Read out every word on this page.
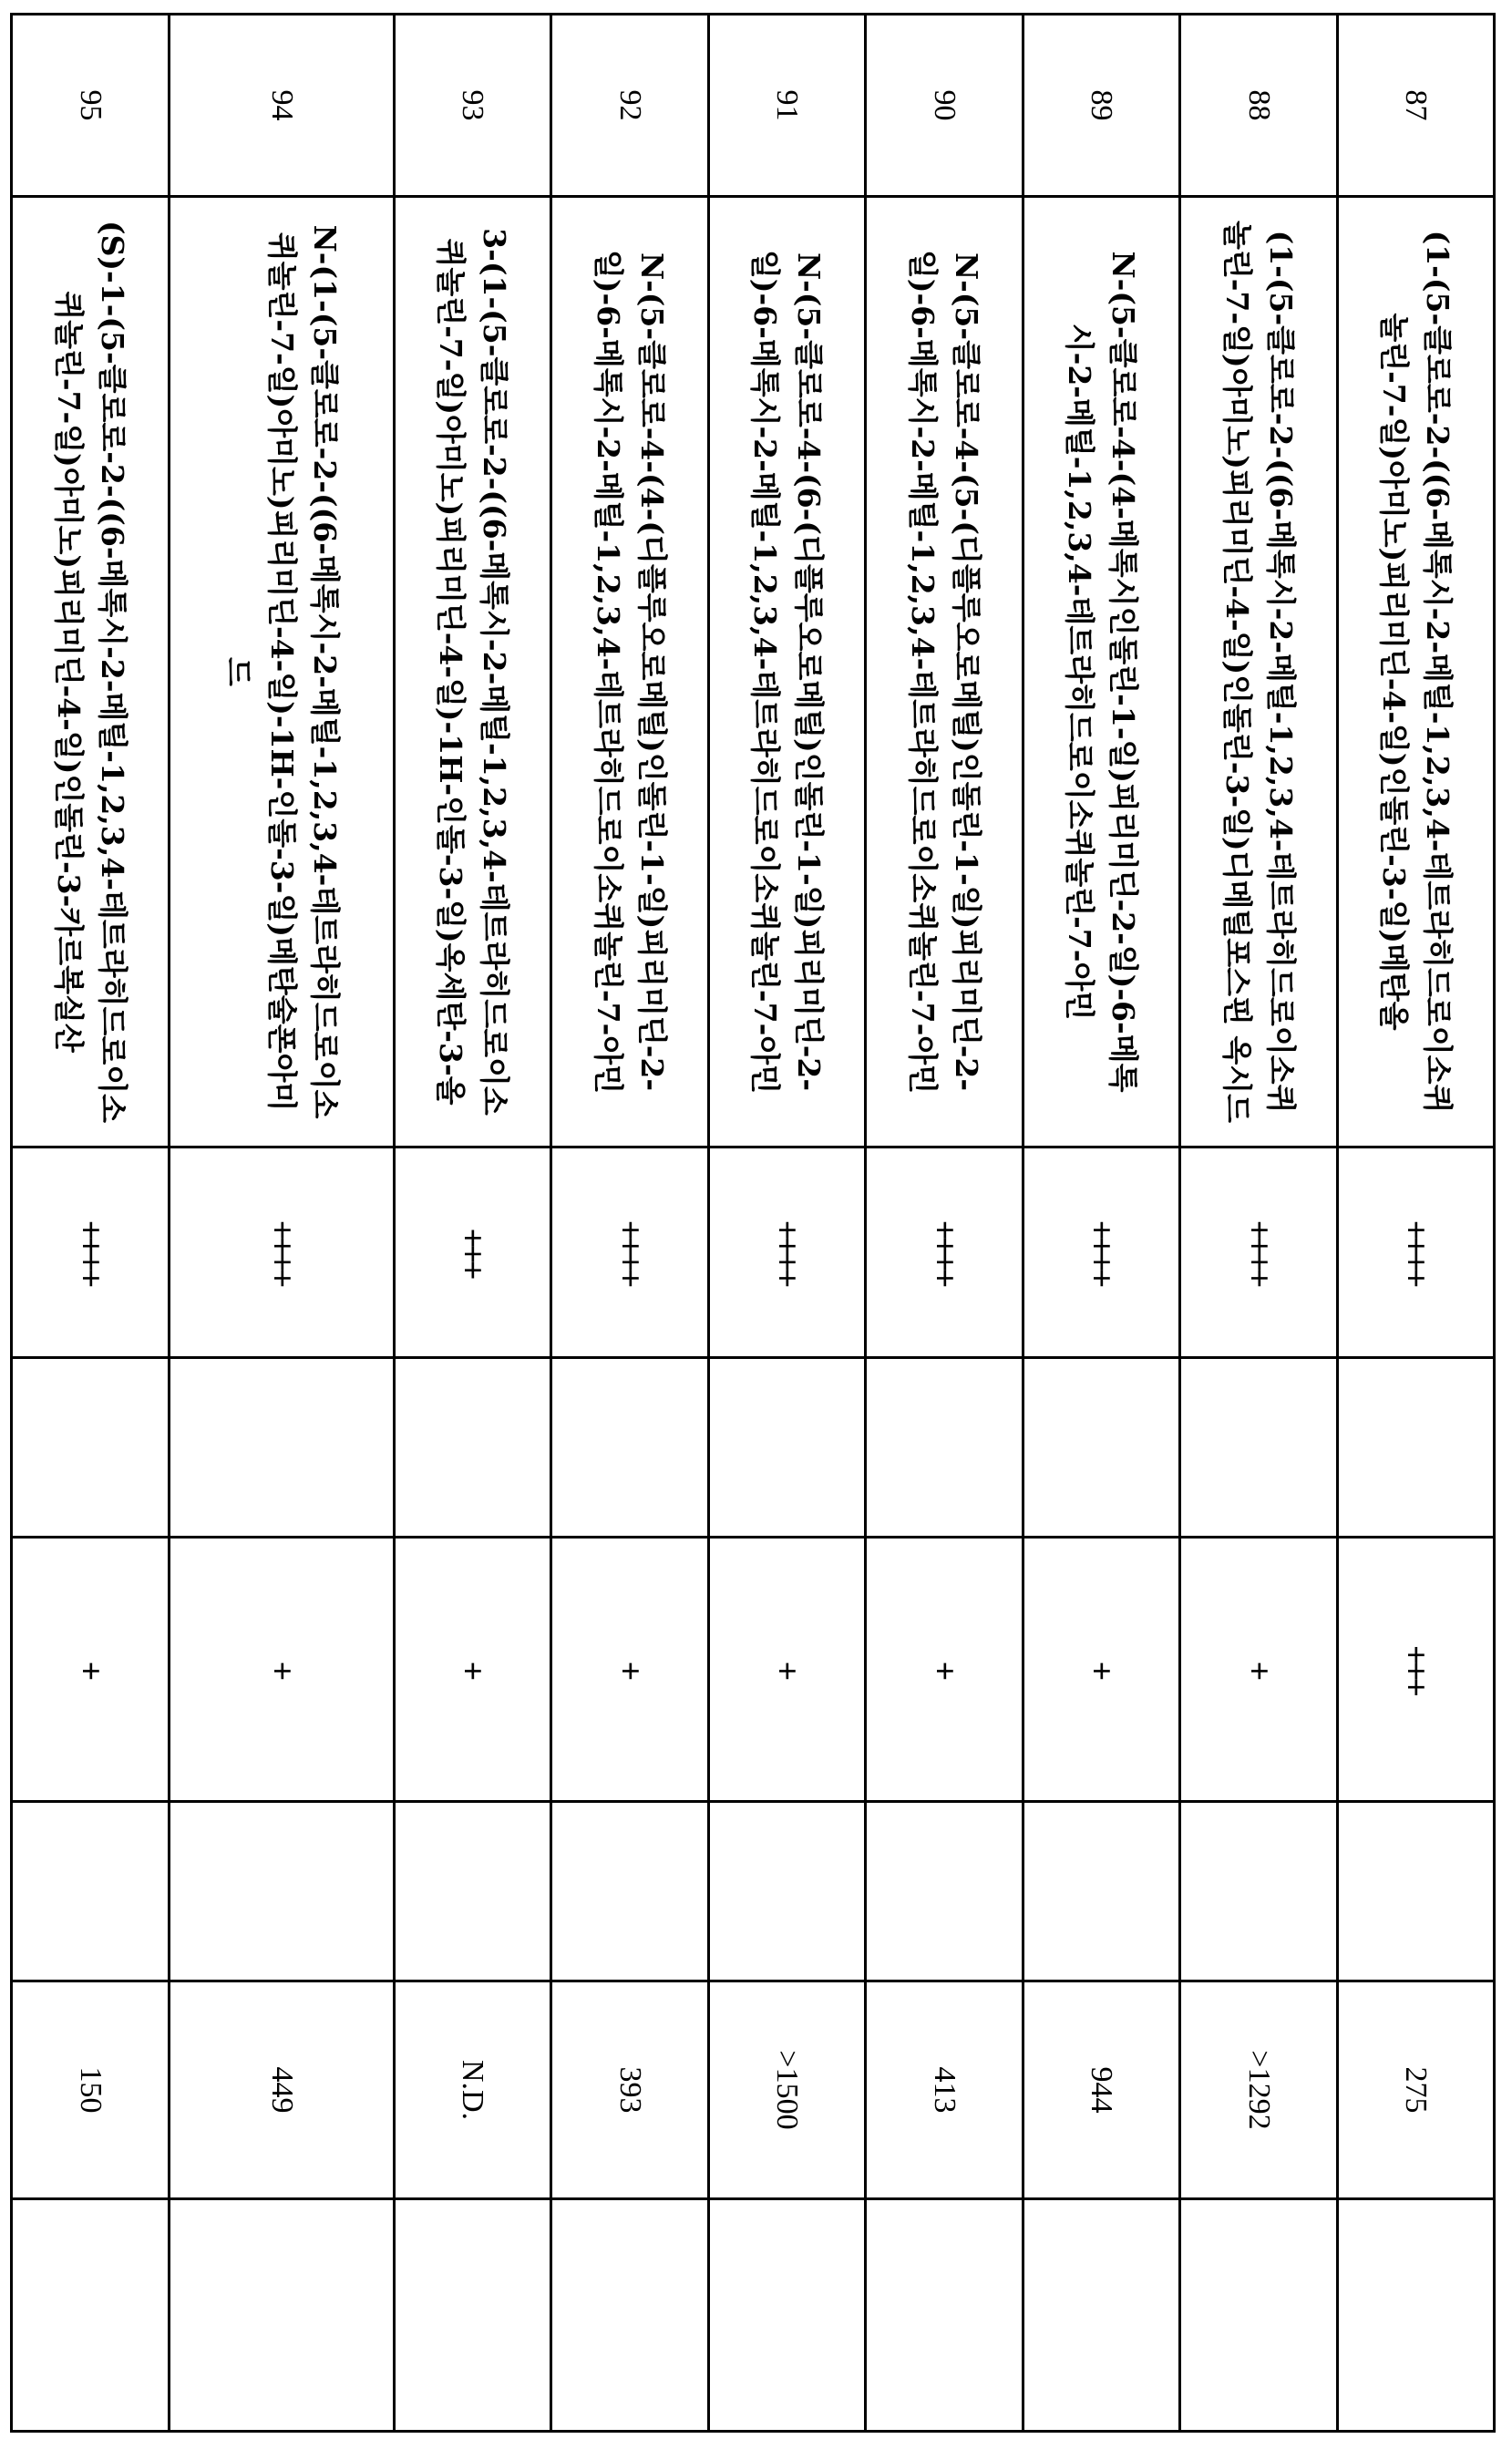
87	(1-(5-클로로-2-((6-메톡시-2-메틸-1,2,3,4-테트라히드로이소퀴놀린-7-일)아미노)피리미딘-4-일)인돌린-3-일)메탄올	++++		+++		275	
88	(1-(5-클로로-2-((6-메톡시-2-메틸-1,2,3,4-테트라히드로이소퀴놀린-7-일)아미노)피리미딘-4-일)인돌린-3-일)디메틸포스핀 옥시드	++++		+		>1292	
89	N-(5-클로로-4-(4-메톡시인돌린-1-일)피리미딘-2-일)-6-메톡시-2-메틸-1,2,3,4-테트라히드로이소퀴놀린-7-아민	++++		+		944	
90	N-(5-클로로-4-(5-(디플루오로메틸)인돌린-1-일)피리미딘-2-일)-6-메톡시-2-메틸-1,2,3,4-테트라히드로이소퀴놀린-7-아민	++++		+		413	
91	N-(5-클로로-4-(6-(디플루오로메틸)인돌린-1-일)피리미딘-2-일)-6-메톡시-2-메틸-1,2,3,4-테트라히드로이소퀴놀린-7-아민	++++		+		>1500	
92	N-(5-클로로-4-(4-(디플루오로메틸)인돌린-1-일)피리미딘-2-일)-6-메톡시-2-메틸-1,2,3,4-테트라히드로이소퀴놀린-7-아민	++++		+		393	
93	3-(1-(5-클로로-2-((6-메톡시-2-메틸-1,2,3,4-테트라히드로이소퀴놀린-7-일)아미노)피리미딘-4-일)-1H-인돌-3-일)옥세탄-3-올	+++		+		N.D.	
94	N-(1-(5-클로로-2-((6-메톡시-2-메틸-1,2,3,4-테트라히드로이소퀴놀린-7-일)아미노)피리미딘-4-일)-1H-인돌-3-일)메탄술폰아미드	++++		+		449	
95	(S)-1-(5-클로로-2-((6-메톡시-2-메틸-1,2,3,4-테트라히드로이소퀴놀린-7-일)아미노)피리미딘-4-일)인돌린-3-카르복실산	++++		+		150	
